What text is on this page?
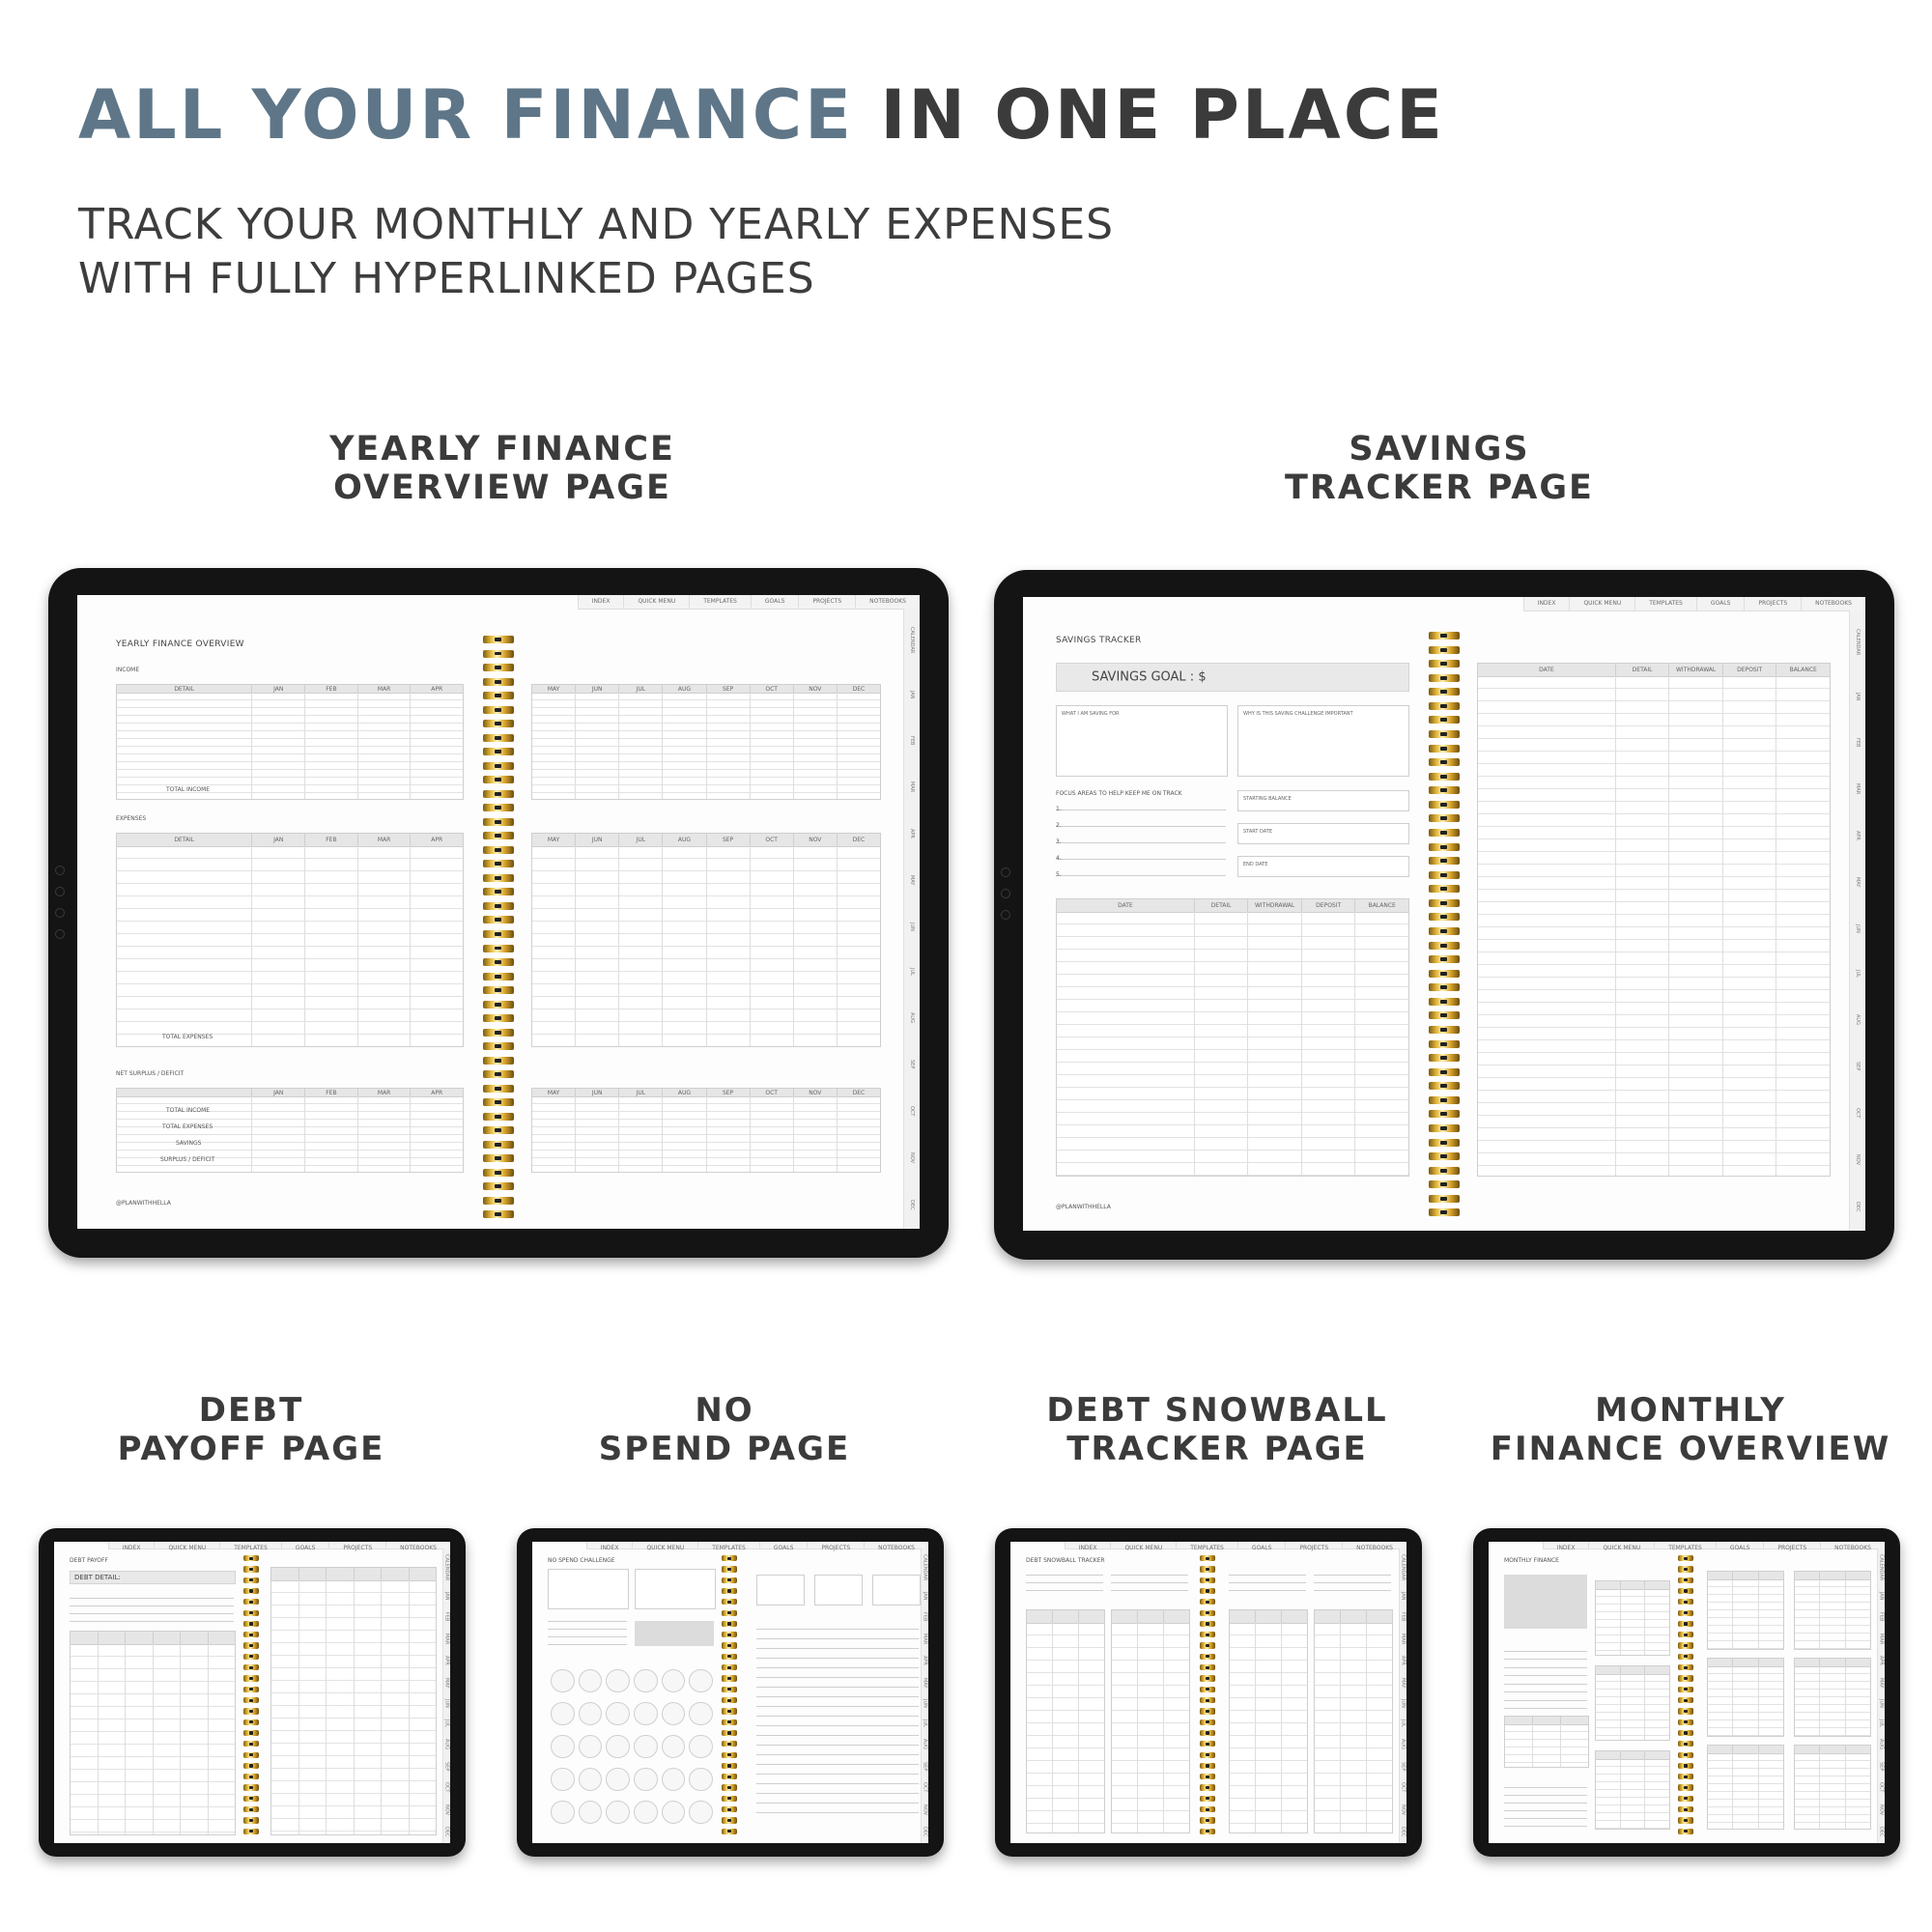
ALL YOUR FINANCE IN ONE PLACE

TRACK YOUR MONTHLY AND YEARLY EXPENSES
WITH FULLY HYPERLINKED PAGES

YEARLY FINANCE
OVERVIEW PAGE
SAVINGS
TRACKER PAGE
DEBT
PAYOFF PAGE
NO
SPEND PAGE
DEBT SNOWBALL
TRACKER PAGE
MONTHLY
FINANCE OVERVIEW
INDEX	QUICK MENU	TEMPLATES	GOALS	PROJECTS	NOTEBOOKS
CALENDAR
JAN
FEB
MAR
APR
MAY
JUN
JUL
AUG
SEP
OCT
NOV
DEC
YEARLY FINANCE OVERVIEW
INCOME
EXPENSES
NET SURPLUS / DEFICIT
@PLANWITHHELLA
DETAIL	JAN	FEB	MAR	APR	MAY	JUN	JUL	AUG	SEP	OCT	NOV	DEC
DETAIL	JAN	FEB	MAR	APR	MAY	JUN	JUL	AUG	SEP	OCT	NOV	DEC
JAN	FEB	MAR	APR	MAY	JUN	JUL	AUG	SEP	OCT	NOV	DEC
TOTAL INCOME
TOTAL EXPENSES
TOTAL INCOME
TOTAL EXPENSES
SAVINGS
SURPLUS / DEFICIT
INDEX	QUICK MENU	TEMPLATES	GOALS	PROJECTS	NOTEBOOKS
CALENDAR
JAN
FEB
MAR
APR
MAY
JUN
JUL
AUG
SEP
OCT
NOV
DEC
SAVINGS TRACKER
SAVINGS GOAL : $
WHAT I AM SAVING FOR	WHY IS THIS SAVING CHALLENGE IMPORTANT
FOCUS AREAS TO HELP KEEP ME ON TRACK
1.
2.
3.
4.
5.
STARTING BALANCE
START DATE
END DATE
DATE	DETAIL	WITHDRAWAL	DEPOSIT	BALANCE
DATE	DETAIL	WITHDRAWAL	DEPOSIT	BALANCE
@PLANWITHHELLA
INDEX	QUICK MENU	TEMPLATES	GOALS	PROJECTS	NOTEBOOKS
CALENDAR
JAN
FEB
MAR
APR
MAY
JUN
JUL
AUG
SEP
OCT
NOV
DEC
DEBT PAYOFF
DEBT DETAIL:
INDEX	QUICK MENU	TEMPLATES	GOALS	PROJECTS	NOTEBOOKS
CALENDAR
JAN
FEB
MAR
APR
MAY
JUN
JUL
AUG
SEP
OCT
NOV
DEC
NO SPEND CHALLENGE
INDEX	QUICK MENU	TEMPLATES	GOALS	PROJECTS	NOTEBOOKS
CALENDAR
JAN
FEB
MAR
APR
MAY
JUN
JUL
AUG
SEP
OCT
NOV
DEC
DEBT SNOWBALL TRACKER
INDEX	QUICK MENU	TEMPLATES	GOALS	PROJECTS	NOTEBOOKS
CALENDAR
JAN
FEB
MAR
APR
MAY
JUN
JUL
AUG
SEP
OCT
NOV
DEC
MONTHLY FINANCE
